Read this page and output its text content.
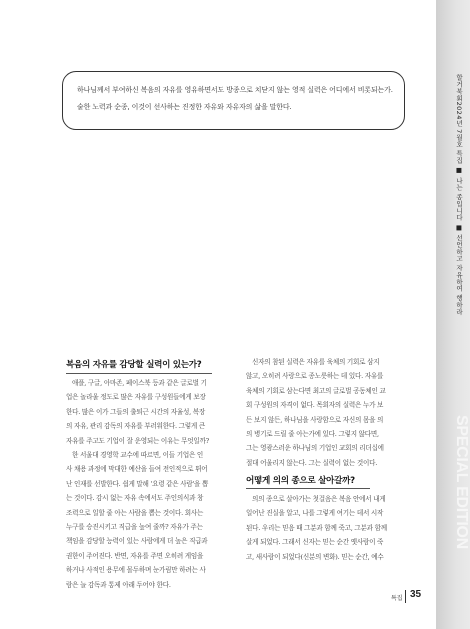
할거북회2024년 7월호 특집 ■ 나는 종입니다 ■ 선언하고 자유하여 행하라
SPECIAL EDITION
하나님께서 부여하신 복음의 자유를 영유하면서도 방종으로 치닫지 않는 영적 실력은 어디에서 비롯되는가.
숱한 노력과 순종, 이것이 선사하는 진정한 자유와 자유자의 삶을 말한다.
복음의 자유를 감당할 실력이 있는가?
애플, 구글, 아마존, 페이스북 등과 같은 글로벌 기
업은 놀라울 정도로 많은 자유를 구성원들에게 보장
한다. 많은 이가 그들의 출퇴근 시간의 자율성, 복장
의 자유, 관리 감독의 자유를 부러워한다. 그렇게 큰
자유를 주고도 기업이 잘 운영되는 이유는 무엇일까?
한 서울대 경영학 교수에 따르면, 이들 기업은 인
사 채용 과정에 막대한 예산을 들여 전인적으로 뛰어
난 인재를 선발한다. 쉽게 말해 '요령 같은 사람'을 뽑
는 것이다. 감시 없는 자유 속에서도 주인의식과 창
조력으로 일할 줄 아는 사람을 뽑는 것이다. 회사는
누구를 승진시키고 직급을 높여 줄까? 자유가 주는
책임을 감당할 능력이 있는 사람에게 더 높은 직급과
권한이 주어진다. 반면, 자유를 주면 오히려 게임을
하거나 사적인 용무에 몰두하며 눈가림만 하려는 사
람은 늘 감독과 통제 아래 두어야 한다.
신자의 참된 실력은 자유를 육체의 기회로 삼지
않고, 오히려 사랑으로 종노릇하는 데 있다. 자유를
육체의 기회로 삼는다면 최고의 글로벌 공동체인 교
회 구성원의 자격이 없다. 목회자의 실력은 누가 보
든 보지 않든, 하나님을 사랑함으로 자신의 몸을 의
의 병기로 드릴 줄 아는가에 있다. 그렇지 않다면,
그는 영광스러운 하나님의 기업인 교회의 리더십에
절대 어울리지 않는다. 그는 실력이 없는 것이다.
어떻게 의의 종으로 살아갈까?
의의 종으로 살아가는 첫걸음은 복음 안에서 내게
일어난 진실을 알고, 나를 그렇게 여기는 데서 시작
된다. 우리는 믿음 때 그분과 함께 죽고, 그분과 함께
살게 되었다. 그래서 신자는 믿는 순간 옛사람이 죽
고, 새사람이 되었다(신분의 변화). 믿는 순간, 예수
특집 35
